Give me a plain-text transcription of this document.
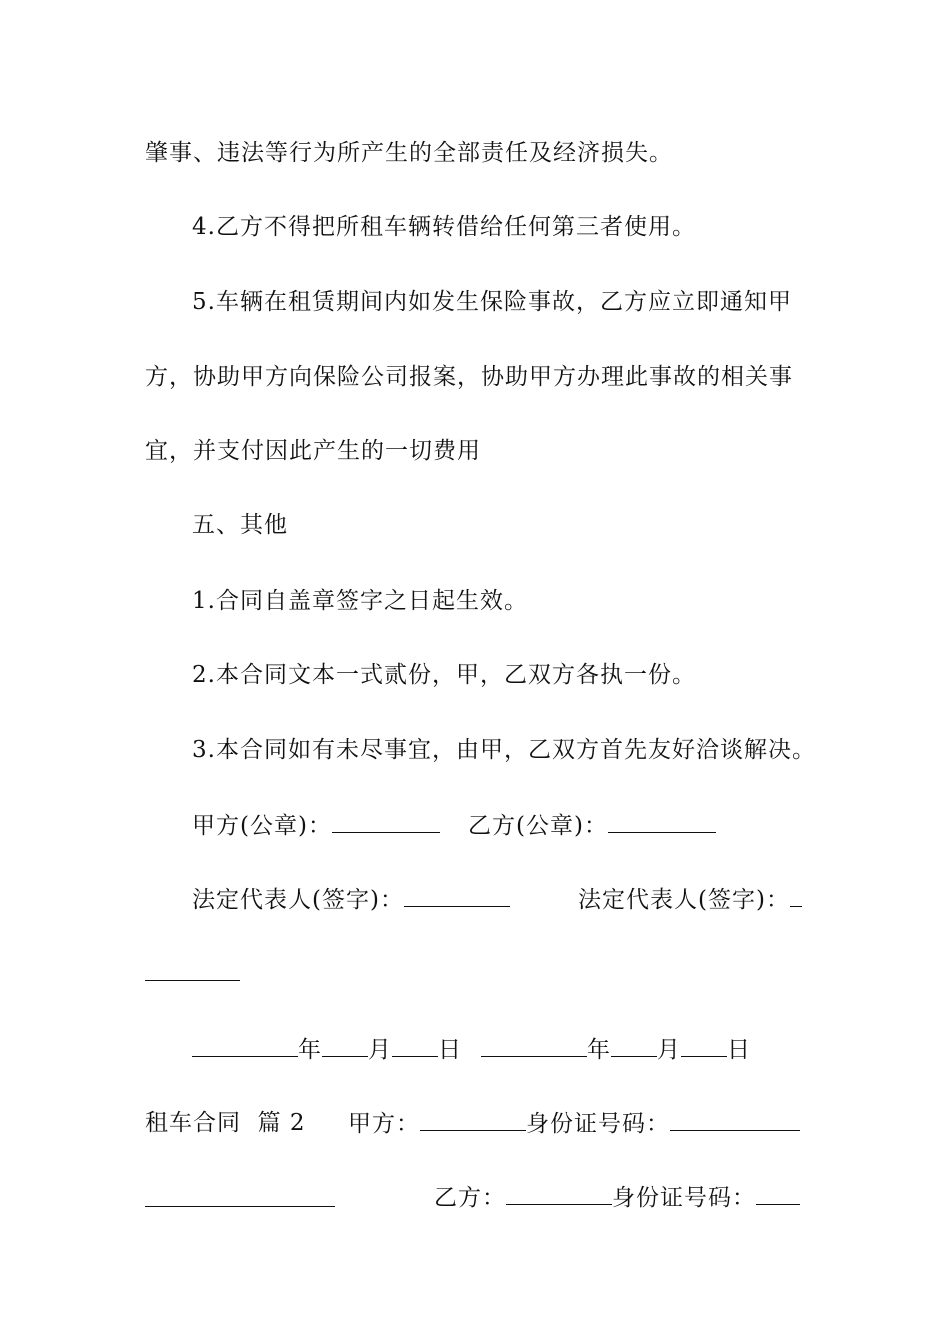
肇事、违法等行为所产生的全部责任及经济损失。
4.乙方不得把所租车辆转借给任何第三者使用。
5.车辆在租赁期间内如发生保险事故，乙方应立即通知甲
方，协助甲方向保险公司报案，协助甲方办理此事故的相关事
宜，并支付因此产生的一切费用
五、其他
1.合同自盖章签字之日起生效。
2.本合同文本一式贰份，甲，乙双方各执一份。
3.本合同如有未尽事宜，由甲，乙双方首先友好洽谈解决。
甲方(公章)：	乙方(公章)：
法定代表人(签字)：	法定代表人(签字)：
年 月 日	年 月 日
租车合同 篇 2 甲方：	身份证号码：
乙方：	身份证号码：
